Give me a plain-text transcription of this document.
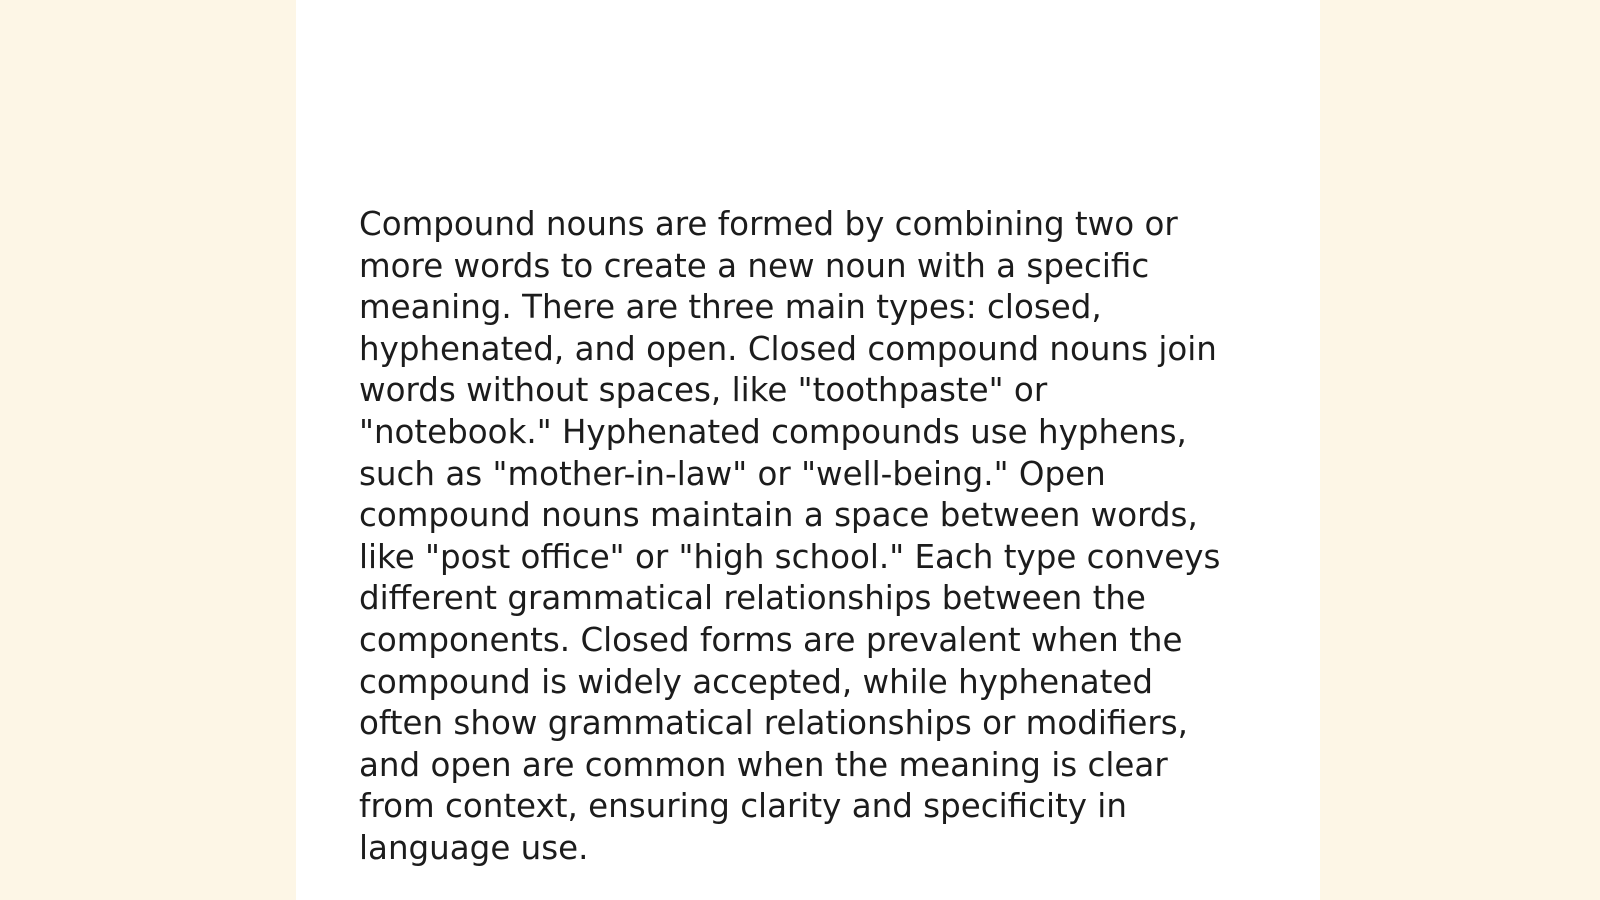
Compound nouns are formed by combining two or
more words to create a new noun with a specific
meaning. There are three main types: closed,
hyphenated, and open. Closed compound nouns join
words without spaces, like "toothpaste" or
"notebook." Hyphenated compounds use hyphens,
such as "mother-in-law" or "well-being." Open
compound nouns maintain a space between words,
like "post office" or "high school." Each type conveys
different grammatical relationships between the
components. Closed forms are prevalent when the
compound is widely accepted, while hyphenated
often show grammatical relationships or modifiers,
and open are common when the meaning is clear
from context, ensuring clarity and specificity in
language use.
